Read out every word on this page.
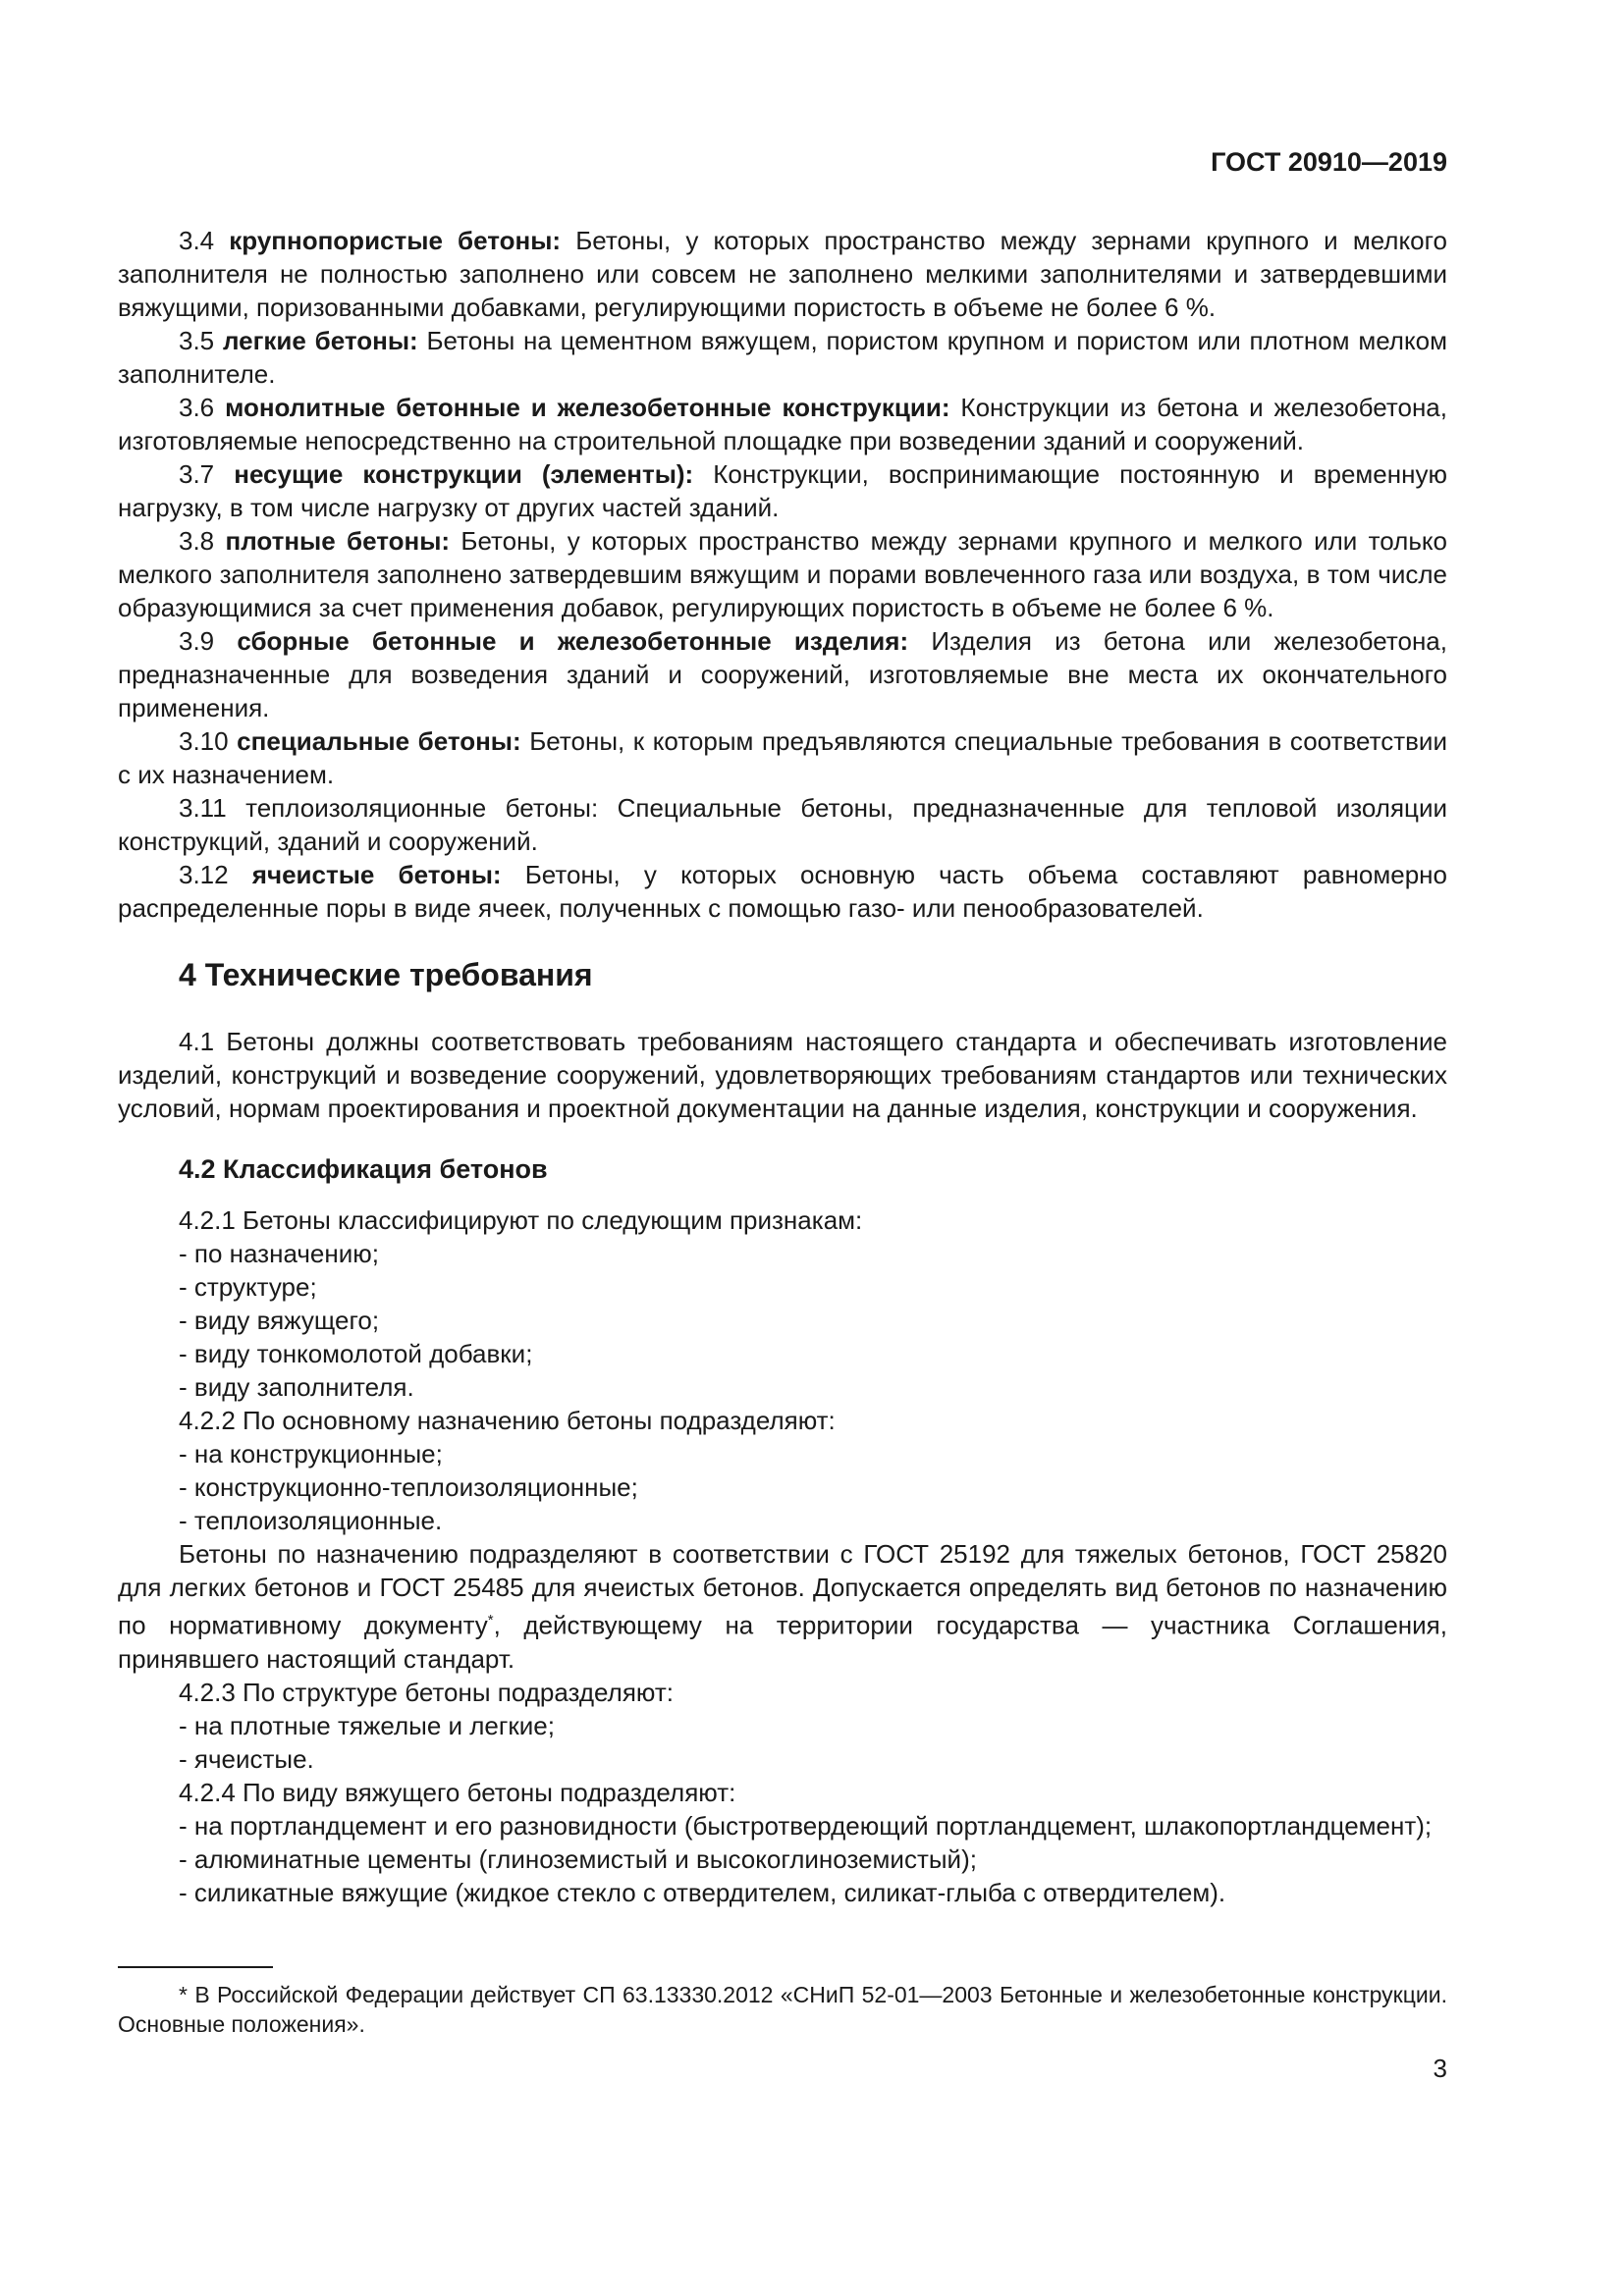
ГОСТ 20910—2019

3.4 крупнопористые бетоны: Бетоны, у которых пространство между зернами крупного и мелкого заполнителя не полностью заполнено или совсем не заполнено мелкими заполнителями и затвердевшими вяжущими, поризованными добавками, регулирующими пористость в объеме не более 6 %.

3.5 легкие бетоны: Бетоны на цементном вяжущем, пористом крупном и пористом или плотном мелком заполнителе.

3.6 монолитные бетонные и железобетонные конструкции: Конструкции из бетона и железобетона, изготовляемые непосредственно на строительной площадке при возведении зданий и сооружений.

3.7 несущие конструкции (элементы): Конструкции, воспринимающие постоянную и временную нагрузку, в том числе нагрузку от других частей зданий.

3.8 плотные бетоны: Бетоны, у которых пространство между зернами крупного и мелкого или только мелкого заполнителя заполнено затвердевшим вяжущим и порами вовлеченного газа или воздуха, в том числе образующимися за счет применения добавок, регулирующих пористость в объеме не более 6 %.

3.9 сборные бетонные и железобетонные изделия: Изделия из бетона или железобетона, предназначенные для возведения зданий и сооружений, изготовляемые вне места их окончательного применения.

3.10 специальные бетоны: Бетоны, к которым предъявляются специальные требования в соответствии с их назначением.

3.11 теплоизоляционные бетоны: Специальные бетоны, предназначенные для тепловой изоляции конструкций, зданий и сооружений.

3.12 ячеистые бетоны: Бетоны, у которых основную часть объема составляют равномерно распределенные поры в виде ячеек, полученных с помощью газо- или пенообразователей.

4 Технические требования

4.1 Бетоны должны соответствовать требованиям настоящего стандарта и обеспечивать изготовление изделий, конструкций и возведение сооружений, удовлетворяющих требованиям стандартов или технических условий, нормам проектирования и проектной документации на данные изделия, конструкции и сооружения.

4.2 Классификация бетонов

4.2.1 Бетоны классифицируют по следующим признакам:

- по назначению;

- структуре;

- виду вяжущего;

- виду тонкомолотой добавки;

- виду заполнителя.

4.2.2 По основному назначению бетоны подразделяют:

- на конструкционные;

- конструкционно-теплоизоляционные;

- теплоизоляционные.

Бетоны по назначению подразделяют в соответствии с ГОСТ 25192 для тяжелых бетонов, ГОСТ 25820 для легких бетонов и ГОСТ 25485 для ячеистых бетонов. Допускается определять вид бетонов по назначению по нормативному документу*, действующему на территории государства — участника Соглашения, принявшего настоящий стандарт.

4.2.3 По структуре бетоны подразделяют:

- на плотные тяжелые и легкие;

- ячеистые.

4.2.4 По виду вяжущего бетоны подразделяют:

- на портландцемент и его разновидности (быстротвердеющий портландцемент, шлакопортландцемент);

- алюминатные цементы (глиноземистый и высокоглиноземистый);

- силикатные вяжущие (жидкое стекло с отвердителем, силикат-глыба с отвердителем).

* В Российской Федерации действует СП 63.13330.2012 «СНиП 52-01—2003 Бетонные и железобетонные конструкции. Основные положения».
3
